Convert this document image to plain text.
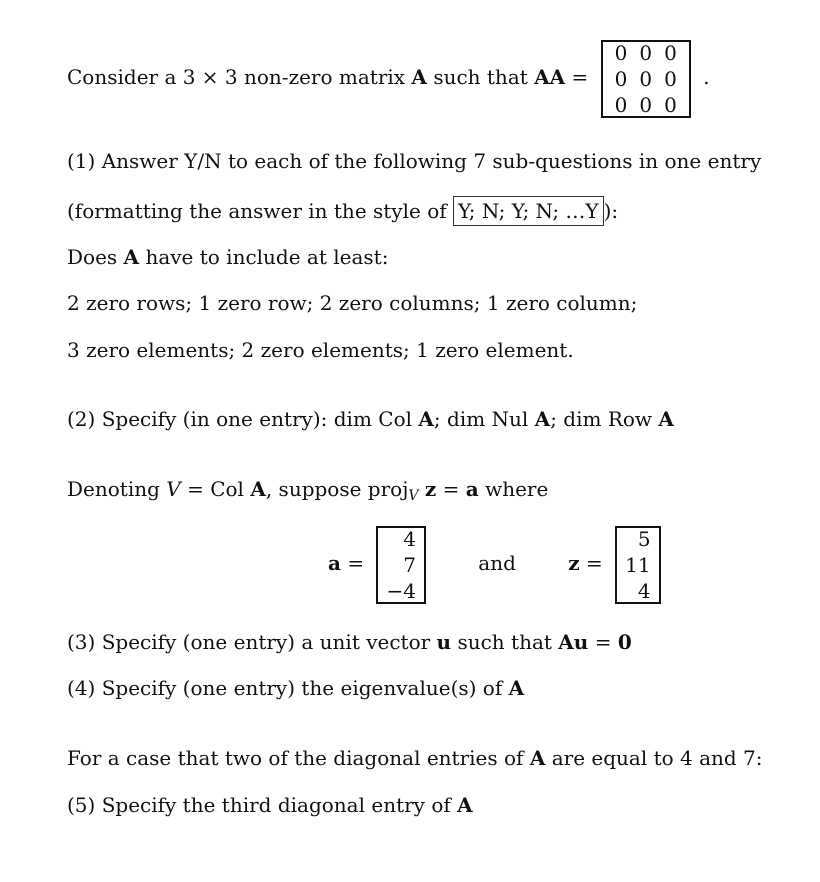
Consider a 3 × 3 non-zero matrix A such that AA =
0	0	0
0	0	0
0	0	0
.
(1) Answer Y/N to each of the following 7 sub-questions in one entry
(formatting the answer in the style of Y; N; Y; N; …Y ):
Does A have to include at least:
2 zero rows; 1 zero row; 2 zero columns; 1 zero column;
3 zero elements; 2 zero elements; 1 zero element.
(2) Specify (in one entry): dim Col A; dim Nul A; dim Row A
Denoting V = Col A, suppose proj$_V$ z = a where
a =
4
7
−4
and	z =
5
11
4
(3) Specify (one entry) a unit vector u such that Au = 0
(4) Specify (one entry) the eigenvalue(s) of A
For a case that two of the diagonal entries of A are equal to 4 and 7:
(5) Specify the third diagonal entry of A
